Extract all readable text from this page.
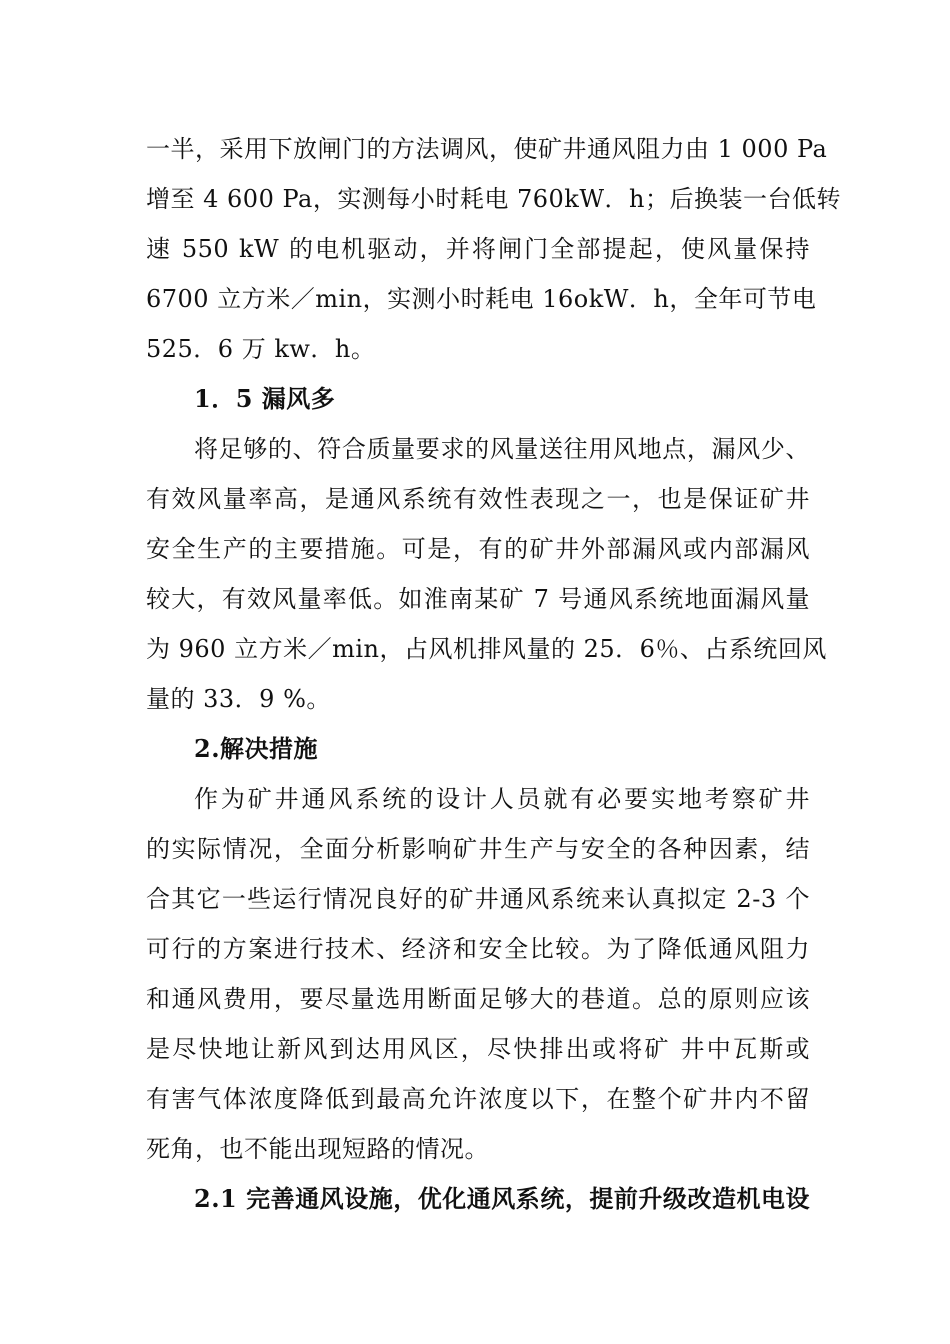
一半，采用下放闸门的方法调风，使矿井通风阻力由 1 000 Pa
增至 4 600 Pa，实测每小时耗电 760kW．h；后换装一台低转
速 550 kW 的电机驱动，并将闸门全部提起，使风量保持
6700 立方米／min，实测小时耗电 16okW．h，全年可节电
525．6 万 kw．h。
1．5 漏风多
将足够的、符合质量要求的风量送往用风地点，漏风少、
有效风量率高，是通风系统有效性表现之一，也是保证矿井
安全生产的主要措施。可是，有的矿井外部漏风或内部漏风
较大，有效风量率低。如淮南某矿 7 号通风系统地面漏风量
为 960 立方米／min，占风机排风量的 25．6％、占系统回风
量的 33．9 %。
2.解决措施
作为矿井通风系统的设计人员就有必要实地考察矿井
的实际情况，全面分析影响矿井生产与安全的各种因素，结
合其它一些运行情况良好的矿井通风系统来认真拟定 2-3 个
可行的方案进行技术、经济和安全比较。为了降低通风阻力
和通风费用，要尽量选用断面足够大的巷道。总的原则应该
是尽快地让新风到达用风区，尽快排出或将矿 井中瓦斯或
有害气体浓度降低到最高允许浓度以下，在整个矿井内不留
死角，也不能出现短路的情况。
2.1 完善通风设施，优化通风系统，提前升级改造机电设
